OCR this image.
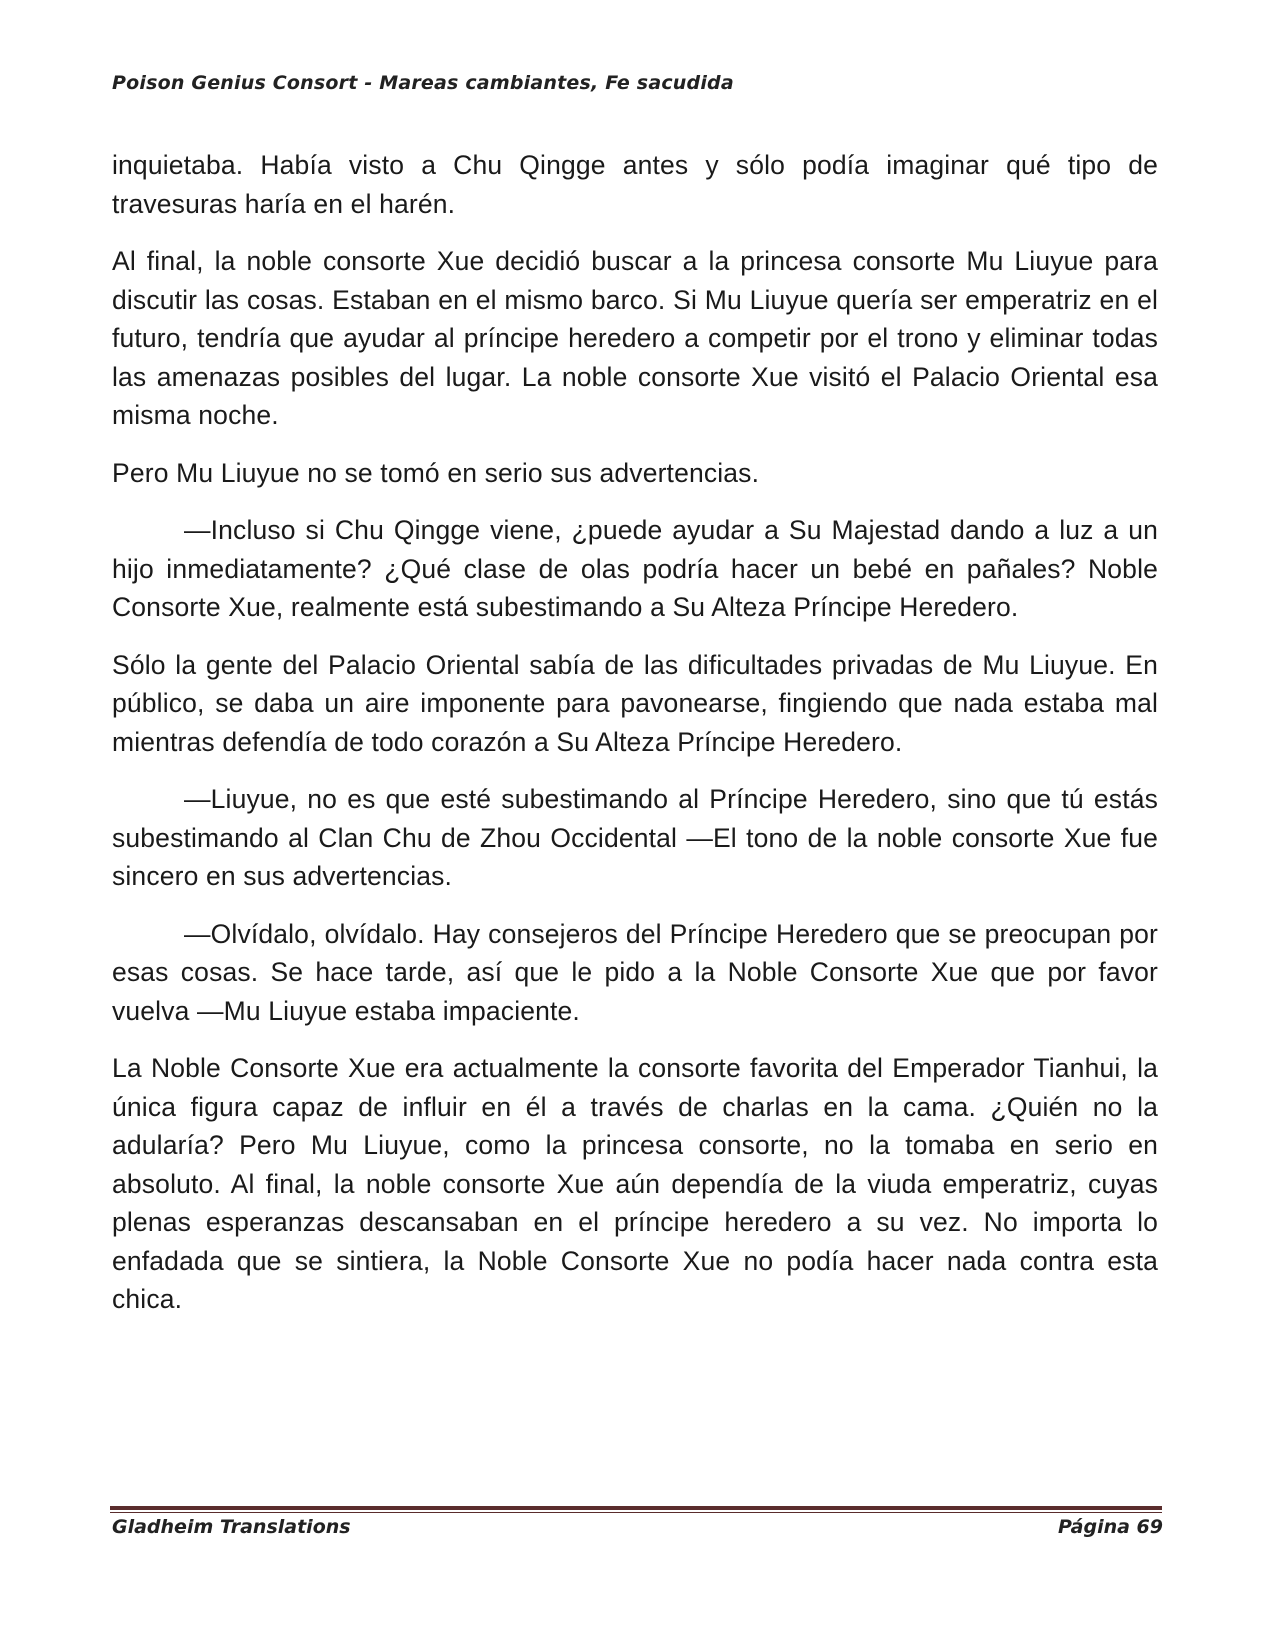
Poison Genius Consort - Mareas cambiantes, Fe sacudida

inquietaba. Había visto a Chu Qingge antes y sólo podía imaginar qué tipo de travesuras haría en el harén.

Al final, la noble consorte Xue decidió buscar a la princesa consorte Mu Liuyue para discutir las cosas. Estaban en el mismo barco. Si Mu Liuyue quería ser emperatriz en el futuro, tendría que ayudar al príncipe heredero a competir por el trono y eliminar todas las amenazas posibles del lugar. La noble consorte Xue visitó el Palacio Oriental esa misma noche.

Pero Mu Liuyue no se tomó en serio sus advertencias.

—Incluso si Chu Qingge viene, ¿puede ayudar a Su Majestad dando a luz a un hijo inmediatamente? ¿Qué clase de olas podría hacer un bebé en pañales? Noble Consorte Xue, realmente está subestimando a Su Alteza Príncipe Heredero.

Sólo la gente del Palacio Oriental sabía de las dificultades privadas de Mu Liuyue. En público, se daba un aire imponente para pavonearse, fingiendo que nada estaba mal mientras defendía de todo corazón a Su Alteza Príncipe Heredero.

—Liuyue, no es que esté subestimando al Príncipe Heredero, sino que tú estás subestimando al Clan Chu de Zhou Occidental —El tono de la noble consorte Xue fue sincero en sus advertencias.

—Olvídalo, olvídalo. Hay consejeros del Príncipe Heredero que se preocupan por esas cosas. Se hace tarde, así que le pido a la Noble Consorte Xue que por favor vuelva —Mu Liuyue estaba impaciente.

La Noble Consorte Xue era actualmente la consorte favorita del Emperador Tianhui, la única figura capaz de influir en él a través de charlas en la cama. ¿Quién no la adularía? Pero Mu Liuyue, como la princesa consorte, no la tomaba en serio en absoluto. Al final, la noble consorte Xue aún dependía de la viuda emperatriz, cuyas plenas esperanzas descansaban en el príncipe heredero a su vez. No importa lo enfadada que se sintiera, la Noble Consorte Xue no podía hacer nada contra esta chica.

Gladheim Translations	Página 69
